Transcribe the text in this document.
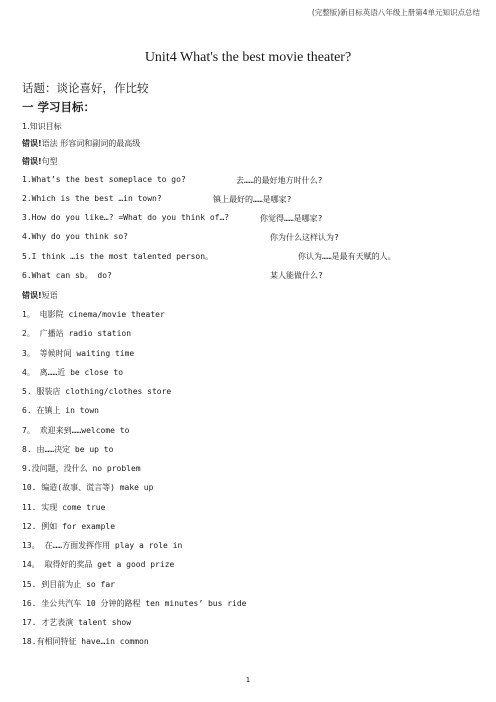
(完整版)新目标英语八年级上册第4单元知识点总结
Unit4 What's the best movie theater?
话题：谈论喜好，作比较
一 学习目标：
1.知识目标
错误!语法 形容词和副词的最高级
错误!句型
1.What’s the best someplace to go?	去……的最好地方时什么?
2.Which is the best …in town?	镇上最好的……是哪家?
3.How do you like…? =What do you think of…?	你觉得……是哪家?
4.Why do you think so?	你为什么这样认为?
5.I think …is the most talented person。	你认为……是最有天赋的人。
6.What can sb。 do?	某人能做什么?
错误!短语
1。 电影院 cinema/movie theater
2。 广播站 radio station
3。 等候时间 waiting time
4。 离……近 be close to
5. 服装店 clothing/clothes store
6. 在镇上 in town
7。 欢迎来到……welcome to
8. 由……决定 be up to
9.没问题，没什么 no problem
10. 编造(故事、谎言等) make up
11. 实现 come true
12. 例如 for example
13。 在……方面发挥作用 play a role in
14。 取得好的奖品 get a good prize
15. 到目前为止 so far
16. 坐公共汽车 10 分钟的路程 ten minutes’ bus ride
17. 才艺表演 talent show
18.有相同特征 have…in common
1
